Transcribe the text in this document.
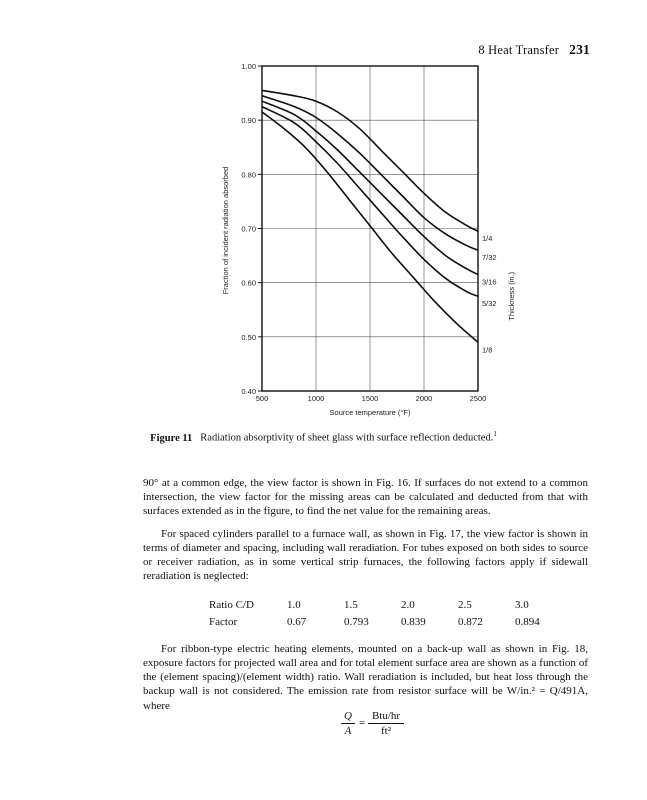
8 Heat Transfer 231
500	1000	1500	2000	2500
0.40
0.50
0.60
0.70
0.80
0.90
1.00
1/4
7/32
3/16
5/32
1/8
Source temperature (°F)
Fraction of incident radiation absorbed
Thickness (in.)
Figure 11 Radiation absorptivity of sheet glass with surface reflection deducted.$^1$

90° at a common edge, the view factor is shown in Fig. 16. If surfaces do not extend to a common intersection, the view factor for the missing areas can be calculated and deducted from that with surfaces extended as in the figure, to find the net value for the remaining areas.

For spaced cylinders parallel to a furnace wall, as shown in Fig. 17, the view factor is shown in terms of diameter and spacing, including wall reradiation. For tubes exposed on both sides to source or receiver radiation, as in some vertical strip furnaces, the following factors apply if sidewall reradiation is neglected:

Ratio C/D	1.0	1.5	2.0	2.5	3.0
Factor	0.67	0.793	0.839	0.872	0.894

For ribbon-type electric heating elements, mounted on a back-up wall as shown in Fig. 18, exposure factors for projected wall area and for total element surface area are shown as a function of the (element spacing)/(element width) ratio. Wall reradiation is included, but heat loss through the backup wall is not considered. The emission rate from resistor surface will be W/in.² = Q/491A, where

$\frac{Q}{A}$ =
Btu/hr
ft²
